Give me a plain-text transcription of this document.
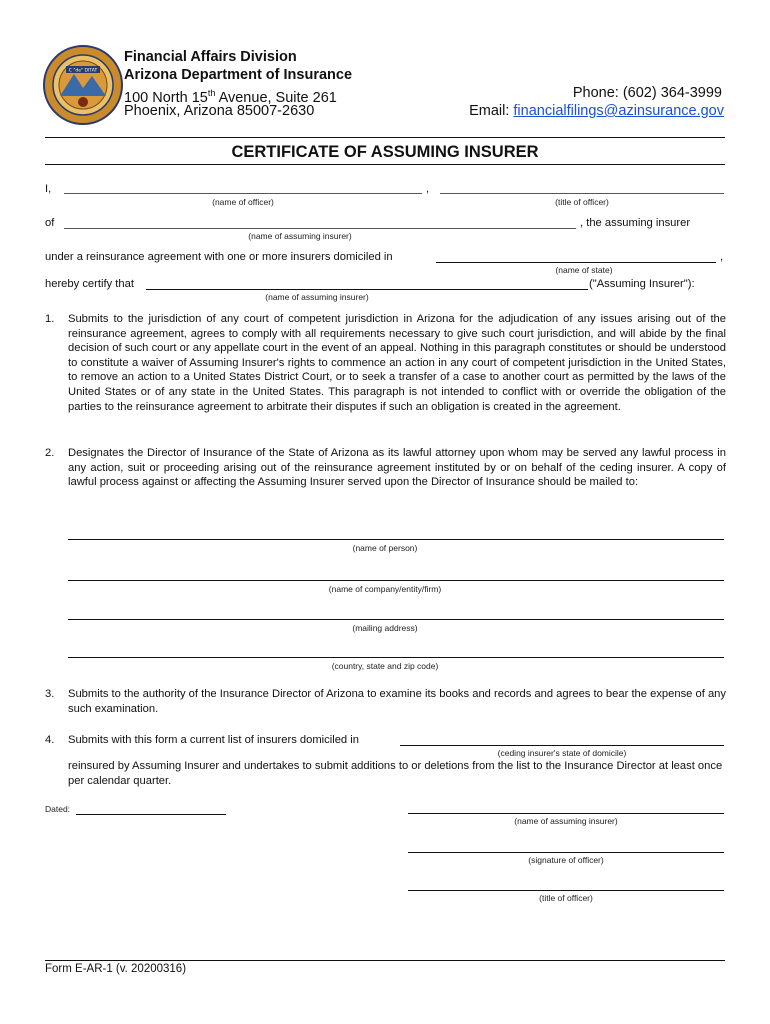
C "de" DITAT
Financial Affairs Division
Arizona Department of Insurance
100 North 15th Avenue, Suite 261
Phoenix, Arizona 85007-2630
Phone: (602) 364-3999
Email: financialfilings@azinsurance.gov
CERTIFICATE OF ASSUMING INSURER
I,	,
(name of officer)	(title of officer)
of	, the assuming insurer
(name of assuming insurer)
under a reinsurance agreement with one or more insurers domiciled in	,
(name of state)
hereby certify that	("Assuming Insurer"):
(name of assuming insurer)
1. Submits to the jurisdiction of any court of competent jurisdiction in Arizona for the adjudication of any issues arising out of the reinsurance agreement, agrees to comply with all requirements necessary to give such court jurisdiction, and will abide by the final decision of such court or any appellate court in the event of an appeal. Nothing in this paragraph constitutes or should be understood to constitute a waiver of Assuming Insurer's rights to commence an action in any court of competent jurisdiction in the United States, to remove an action to a United States District Court, or to seek a transfer of a case to another court as permitted by the laws of the United States or of any state in the United States. This paragraph is not intended to conflict with or override the obligation of the parties to the reinsurance agreement to arbitrate their disputes if such an obligation is created in the agreement.
2. Designates the Director of Insurance of the State of Arizona as its lawful attorney upon whom may be served any lawful process in any action, suit or proceeding arising out of the reinsurance agreement instituted by or on behalf of the ceding insurer. A copy of lawful process against or affecting the Assuming Insurer served upon the Director of Insurance should be mailed to:
(name of person)
(name of company/entity/firm)
(mailing address)
(country, state and zip code)
3. Submits to the authority of the Insurance Director of Arizona to examine its books and records and agrees to bear the expense of any such examination.
4. Submits with this form a current list of insurers domiciled in
(ceding insurer's state of domicile)
reinsured by Assuming Insurer and undertakes to submit additions to or deletions from the list to the Insurance Director at least once per calendar quarter.
Dated:
(name of assuming insurer)
(signature of officer)
(title of officer)
Form E-AR-1 (v. 20200316)
